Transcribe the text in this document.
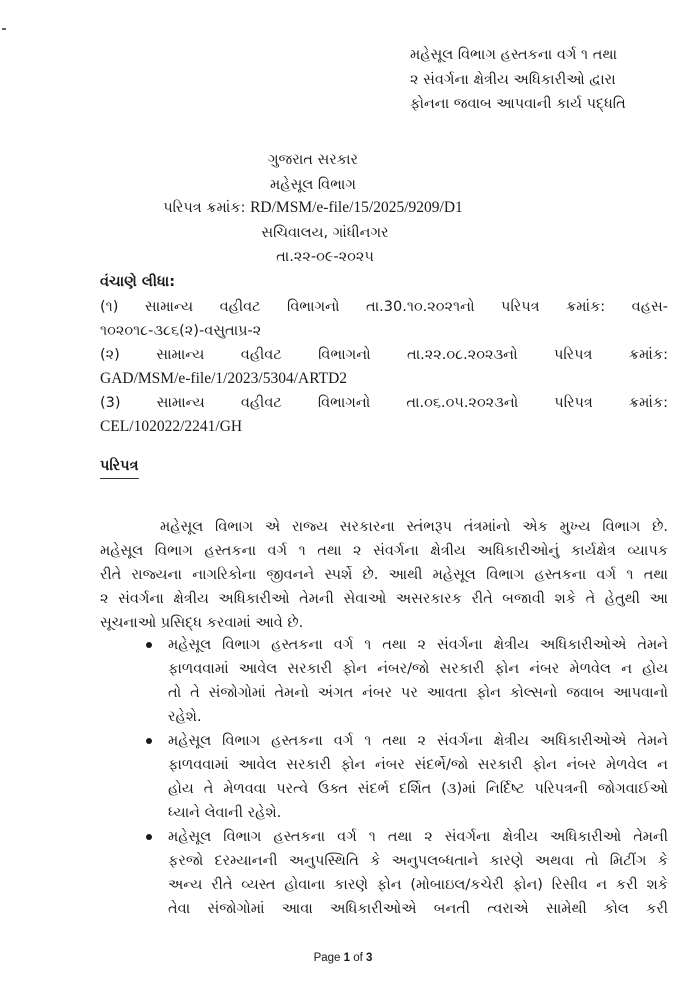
મહેસૂલ વિભાગ હસ્તકના વર્ગ ૧ તથા
૨ સંવર્ગના ક્ષેત્રીય અધિકારીઓ દ્વારા
ફોનના જવાબ આપવાની કાર્ય પદ્ધતિ
ગુજરાત સરકાર
મહેસૂલ વિભાગ
પરિપત્ર ક્રમાંક: RD/MSM/e-file/15/2025/9209/D1
સચિવાલય, ગાંધીનગર
તા.૨૨-૦૯-૨૦૨૫
વંચાણે લીધા:
(૧) સામાન્ય વહીવટ વિભાગનો તા.30.૧૦.૨૦૨૧નો પરિપત્ર ક્રમાંક: વહસ-
૧૦૨૦૧૮-૩૮૬(૨)-વસુતાપ્ર-૨
(૨) સામાન્ય વહીવટ વિભાગનો તા.૨૨.૦૮.૨૦૨૩નો પરિપત્ર ક્રમાંક:
GAD/MSM/e-file/1/2023/5304/ARTD2
(3) સામાન્ય વહીવટ વિભાગનો તા.૦૬.૦૫.૨૦૨૩નો પરિપત્ર ક્રમાંક:
CEL/102022/2241/GH
પરિપત્ર
મહેસૂલ વિભાગ એ રાજ્ય સરકારના સ્તંભરૂપ તંત્રમાંનો એક મુખ્ય વિભાગ છે.
મહેસૂલ વિભાગ હસ્તકના વર્ગ ૧ તથા ૨ સંવર્ગના ક્ષેત્રીય અધિકારીઓનું કાર્યક્ષેત્ર વ્યાપક
રીતે રાજ્યના નાગરિકોના જીવનને સ્પર્શે છે. આથી મહેસૂલ વિભાગ હસ્તકના વર્ગ ૧ તથા
૨ સંવર્ગના ક્ષેત્રીય અધિકારીઓ તેમની સેવાઓ અસરકારક રીતે બજાવી શકે તે હેતુથી આ
સૂચનાઓ પ્રસિદ્ધ કરવામાં આવે છે.
મહેસૂલ વિભાગ હસ્તકના વર્ગ ૧ તથા ૨ સંવર્ગના ક્ષેત્રીય અધિકારીઓએ તેમને
ફાળવવામાં આવેલ સરકારી ફોન નંબર/જો સરકારી ફોન નંબર મેળવેલ ન હોય
તો તે સંજોગોમાં તેમનો અંગત નંબર પર આવતા ફોન કોલ્સનો જવાબ આપવાનો
રહેશે.
મહેસૂલ વિભાગ હસ્તકના વર્ગ ૧ તથા ૨ સંવર્ગના ક્ષેત્રીય અધિકારીઓએ તેમને
ફાળવવામાં આવેલ સરકારી ફોન નંબર સંદર્ભે/જો સરકારી ફોન નંબર મેળવેલ ન
હોય તે મેળવવા પરત્વે ઉક્ત સંદર્ભ દર્શિત (૩)માં નિર્દિષ્ટ પરિપત્રની જોગવાઈઓ
ધ્યાને લેવાની રહેશે.
મહેસૂલ વિભાગ હસ્તકના વર્ગ ૧ તથા ૨ સંવર્ગના ક્ષેત્રીય અધિકારીઓ તેમની
ફરજો દરમ્યાનની અનુપસ્થિતિ કે અનુપલબ્ધતાને કારણે અથવા તો મિટીંગ કે
અન્ય રીતે વ્યસ્ત હોવાના કારણે ફોન (મોબાઇલ/કચેરી ફોન) રિસીવ ન કરી શકે
તેવા સંજોગોમાં આવા અધિકારીઓએ બનતી ત્વરાએ સામેથી કોલ કરી
Page 1 of 3
